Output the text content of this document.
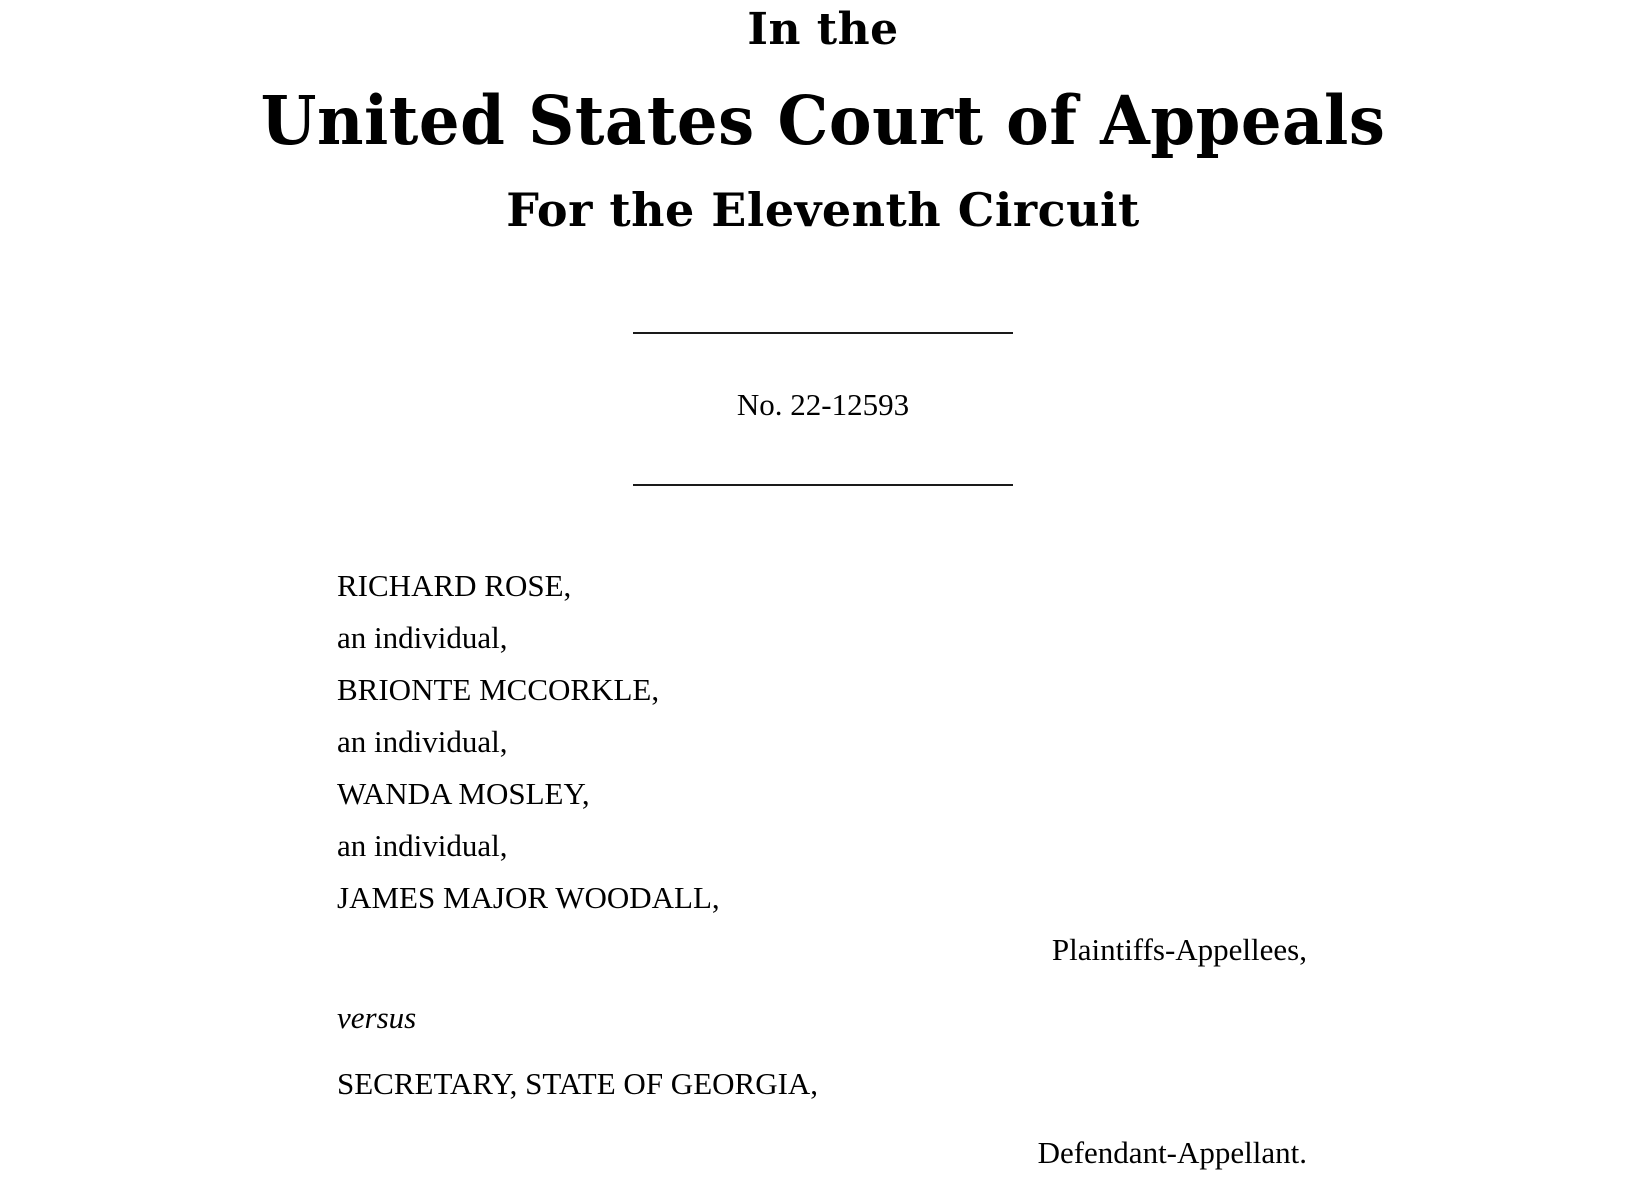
In the
United States Court of Appeals
For the Eleventh Circuit
No. 22-12593
RICHARD ROSE,
an individual,
BRIONTE MCCORKLE,
an individual,
WANDA MOSLEY,
an individual,
JAMES MAJOR WOODALL,
Plaintiffs-Appellees,
versus
SECRETARY, STATE OF GEORGIA,
Defendant-Appellant.
